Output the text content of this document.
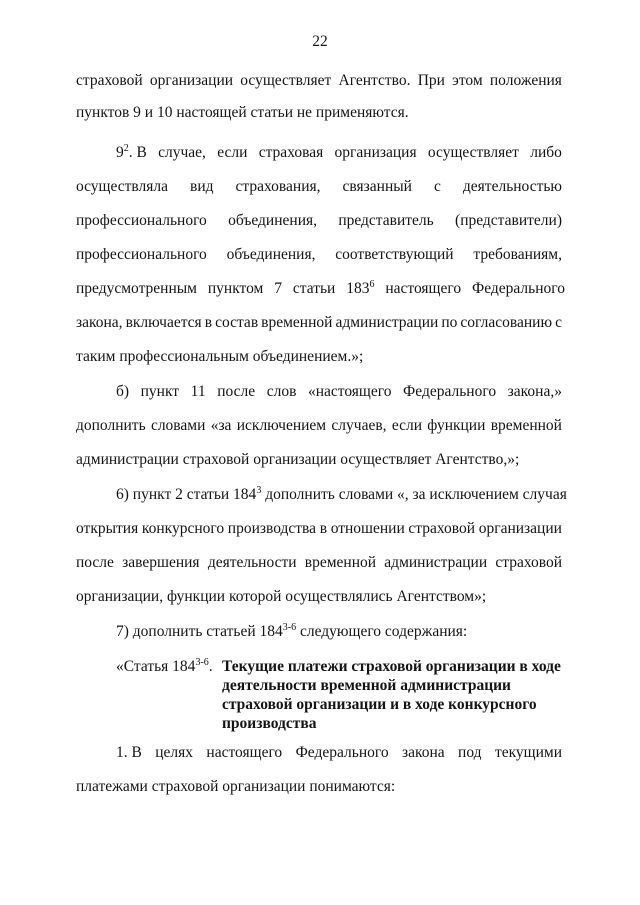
22
страховой организации осуществляет Агентство. При этом положения
пунктов 9 и 10 настоящей статьи не применяются.
$9^2$. В случае, если страховая организация осуществляет либо
осуществляла вид страхования, связанный с деятельностью
профессионального объединения, представитель (представители)
профессионального объединения, соответствующий требованиям,
предусмотренным пунктом 7 статьи $183^6$ настоящего Федерального
закона, включается в состав временной администрации по согласованию с
таким профессиональным объединением.»;
б) пункт 11 после слов «настоящего Федерального закона,»
дополнить словами «за исключением случаев, если функции временной
администрации страховой организации осуществляет Агентство,»;
6) пункт 2 статьи $184^3$ дополнить словами «, за исключением случая
открытия конкурсного производства в отношении страховой организации
после завершения деятельности временной администрации страховой
организации, функции которой осуществлялись Агентством»;
7) дополнить статьей 184$^{3-6}$ следующего содержания:
«Статья 184$^{3-6}$. Текущие платежи страховой организации в ходе
деятельности временной администрации
страховой организации и в ходе конкурсного
производства
1. В целях настоящего Федерального закона под текущими
платежами страховой организации понимаются:
